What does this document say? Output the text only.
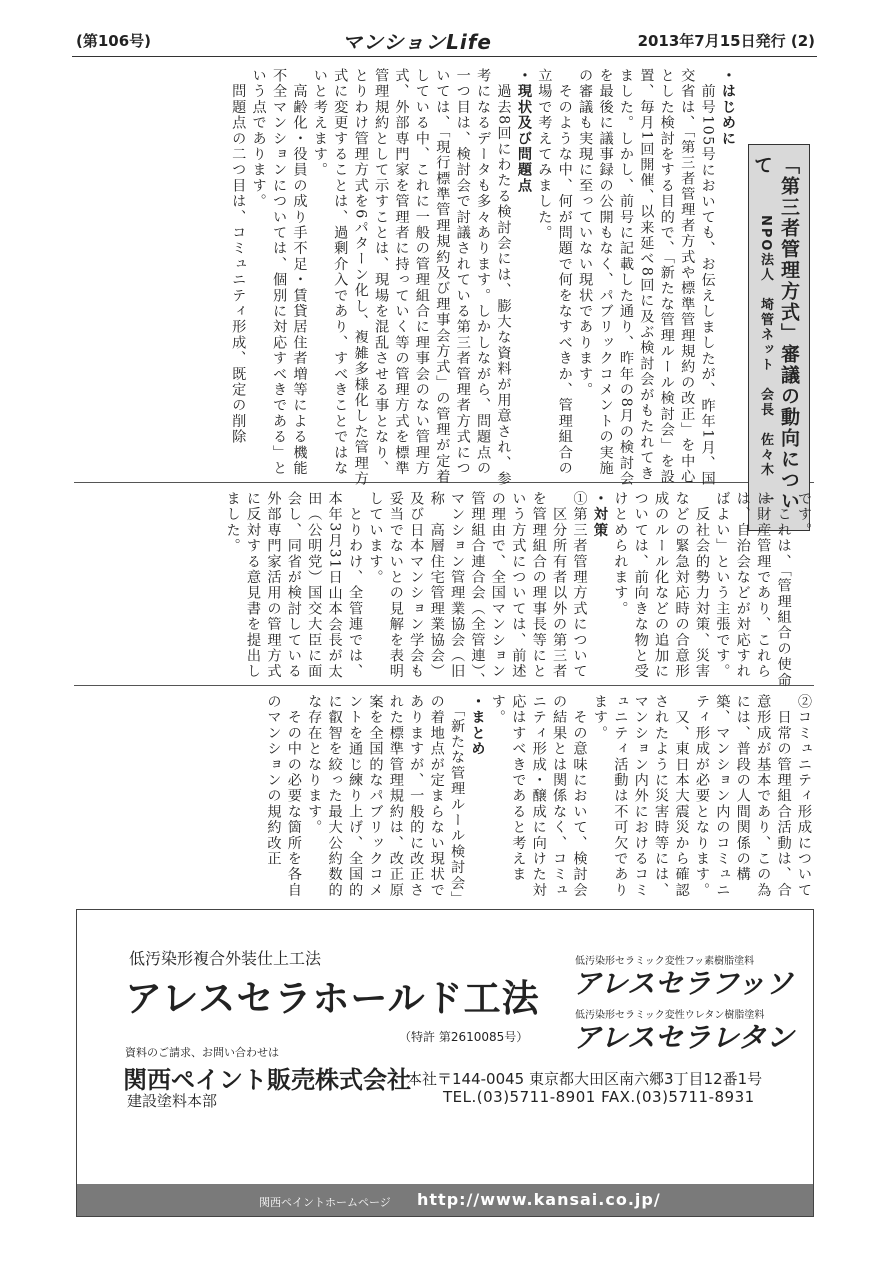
(第106号)	マンションLife	2013年7月15日発行 (2)
「第三者管理方式」審議の動向について
NPO法人　埼管ネット　会長　佐々木　一

・はじめに

　前号105号においても、お伝えしましたが、昨年1月、国交省は、「第三者管理者方式や標準管理規約の改正」を中心とした検討をする目的で、「新たな管理ルール検討会」を設置、毎月1回開催、以来延べ8回に及ぶ検討会がもたれてきました。しかし、前号に記載した通り、昨年の8月の検討会を最後に議事録の公開もなく、パブリックコメントの実施の審議も実現に至っていない現状であります。

　そのような中、何が問題で何をなすべきか、管理組合の立場で考えてみました。

・現状及び問題点

　過去8回にわたる検討会には、膨大な資料が用意され、参考になるデータも多々あります。しかしながら、問題点の一つ目は、検討会で討議されている第三者管理者方式については、「現行標準管理規約及び理事会方式」の管理が定着している中、これに一般の管理組合に理事会のない管理方式、外部専門家を管理者に持っていく等の管理方式を標準管理規約として示すことは、現場を混乱させる事となり、とりわけ管理方式を6パターン化し、複雑多様化した管理方式に変更することは、過剰介入であり、すべきことではないと考えます。

　高齢化・役員の成り手不足・賃貸居住者増等による機能不全マンションについては、個別に対応すべきである」という点であります。

　問題点の二つ目は、コミュニティ形成、既定の削除

です。

　これは、「管理組合の使命は財産管理であり、これらは、自治会などが対応すればよい」という主張です。

　反社会的勢力対策、災害などの緊急対応時の合意形成のルール化などの追加については、前向きな物と受けとめられます。

・対策

①第三者管理方式について

　区分所有者以外の第三者を管理組合の理事長等にという方式については、前述の理由で、全国マンション管理組合連合会（全管連）、マンション管理業協会（旧称　高層住宅管理業協会）及び日本マンション学会も妥当でないとの見解を表明しています。

　とりわけ、全管連では、本年3月31日山本会長が太田（公明党）国交大臣に面会し、同省が検討している外部専門家活用の管理方式に反対する意見書を提出しました。

②コミュニティ形成について

　日常の管理組合活動は、合意形成が基本であり、この為には、普段の人間関係の構築、マンション内のコミュニティ形成が必要となります。

　又、東日本大震災から確認されたように災害時等には、マンション内外におけるコミュニティ活動は不可欠であります。

　その意味において、検討会の結果とは関係なく、コミュニティ形成・醸成に向けた対応はすべきであると考えます。

・まとめ

　「新たな管理ルール検討会」の着地点が定まらない現状でありますが、一般的に改正された標準管理規約は、改正原案を全国的なパブリックコメントを通じ練り上げ、全国的に叡智を絞った最大公約数的な存在となります。

　その中の必要な箇所を各自のマンションの規約改正

低汚染形複合外装仕上工法
アレスセラホールド工法
（特許 第2610085号）
低汚染形セラミック変性フッ素樹脂塗料
アレスセラフッソ
低汚染形セラミック変性ウレタン樹脂塗料
アレスセラレタン
資料のご請求、お問い合わせは
関西ペイント販売株式会社
建設塗料本部
本社〒144-0045 東京都大田区南六郷3丁目12番1号
TEL.(03)5711-8901 FAX.(03)5711-8931
関西ペイントホームページ http://www.kansai.co.jp/
